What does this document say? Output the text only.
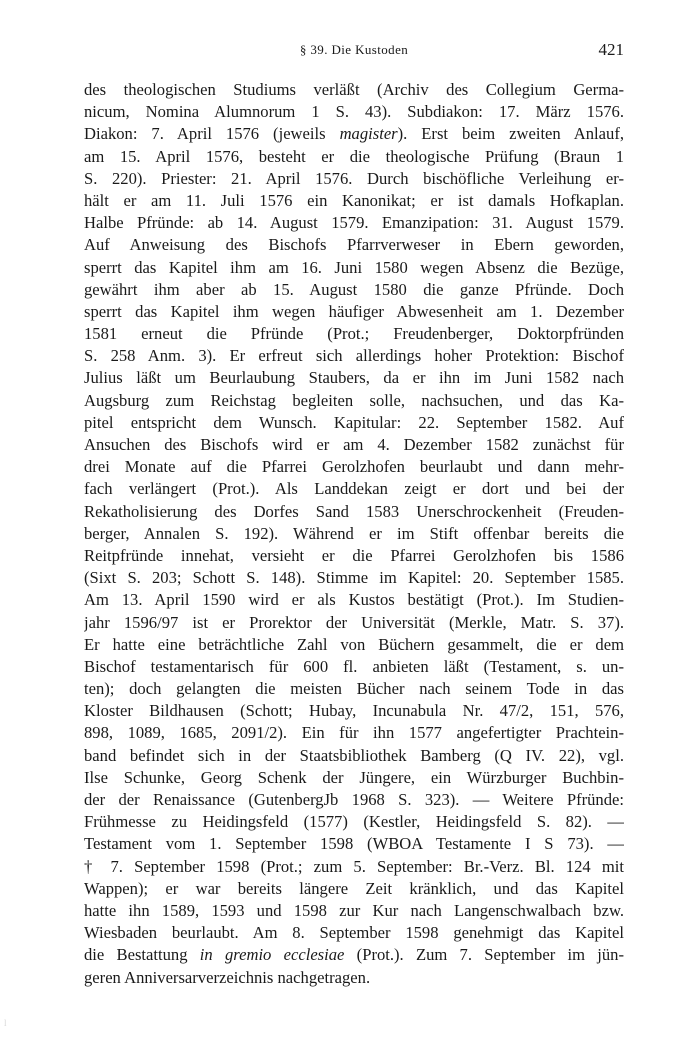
§ 39. Die Kustoden	421
des theologischen Studiums verläßt (Archiv des Collegium Germa-
nicum, Nomina Alumnorum 1 S. 43). Subdiakon: 17. März 1576.
Diakon: 7. April 1576 (jeweils magister). Erst beim zweiten Anlauf,
am 15. April 1576, besteht er die theologische Prüfung (Braun 1
S. 220). Priester: 21. April 1576. Durch bischöfliche Verleihung er-
hält er am 11. Juli 1576 ein Kanonikat; er ist damals Hofkaplan.
Halbe Pfründe: ab 14. August 1579. Emanzipation: 31. August 1579.
Auf Anweisung des Bischofs Pfarrverweser in Ebern geworden,
sperrt das Kapitel ihm am 16. Juni 1580 wegen Absenz die Bezüge,
gewährt ihm aber ab 15. August 1580 die ganze Pfründe. Doch
sperrt das Kapitel ihm wegen häufiger Abwesenheit am 1. Dezember
1581 erneut die Pfründe (Prot.; Freudenberger, Doktorpfründen
S. 258 Anm. 3). Er erfreut sich allerdings hoher Protektion: Bischof
Julius läßt um Beurlaubung Staubers, da er ihn im Juni 1582 nach
Augsburg zum Reichstag begleiten solle, nachsuchen, und das Ka-
pitel entspricht dem Wunsch. Kapitular: 22. September 1582. Auf
Ansuchen des Bischofs wird er am 4. Dezember 1582 zunächst für
drei Monate auf die Pfarrei Gerolzhofen beurlaubt und dann mehr-
fach verlängert (Prot.). Als Landdekan zeigt er dort und bei der
Rekatholisierung des Dorfes Sand 1583 Unerschrockenheit (Freuden-
berger, Annalen S. 192). Während er im Stift offenbar bereits die
Reitpfründe innehat, versieht er die Pfarrei Gerolzhofen bis 1586
(Sixt S. 203; Schott S. 148). Stimme im Kapitel: 20. September 1585.
Am 13. April 1590 wird er als Kustos bestätigt (Prot.). Im Studien-
jahr 1596/97 ist er Prorektor der Universität (Merkle, Matr. S. 37).
Er hatte eine beträchtliche Zahl von Büchern gesammelt, die er dem
Bischof testamentarisch für 600 fl. anbieten läßt (Testament, s. un-
ten); doch gelangten die meisten Bücher nach seinem Tode in das
Kloster Bildhausen (Schott; Hubay, Incunabula Nr. 47/2, 151, 576,
898, 1089, 1685, 2091/2). Ein für ihn 1577 angefertigter Prachtein-
band befindet sich in der Staatsbibliothek Bamberg (Q IV. 22), vgl.
Ilse Schunke, Georg Schenk der Jüngere, ein Würzburger Buchbin-
der der Renaissance (GutenbergJb 1968 S. 323). — Weitere Pfründe:
Frühmesse zu Heidingsfeld (1577) (Kestler, Heidingsfeld S. 82). —
Testament vom 1. September 1598 (WBOA Testamente I S 73). —
† 7. September 1598 (Prot.; zum 5. September: Br.-Verz. Bl. 124 mit
Wappen); er war bereits längere Zeit kränklich, und das Kapitel
hatte ihn 1589, 1593 und 1598 zur Kur nach Langenschwalbach bzw.
Wiesbaden beurlaubt. Am 8. September 1598 genehmigt das Kapitel
die Bestattung in gremio ecclesiae (Prot.). Zum 7. September im jün-
geren Anniversarverzeichnis nachgetragen.
l
